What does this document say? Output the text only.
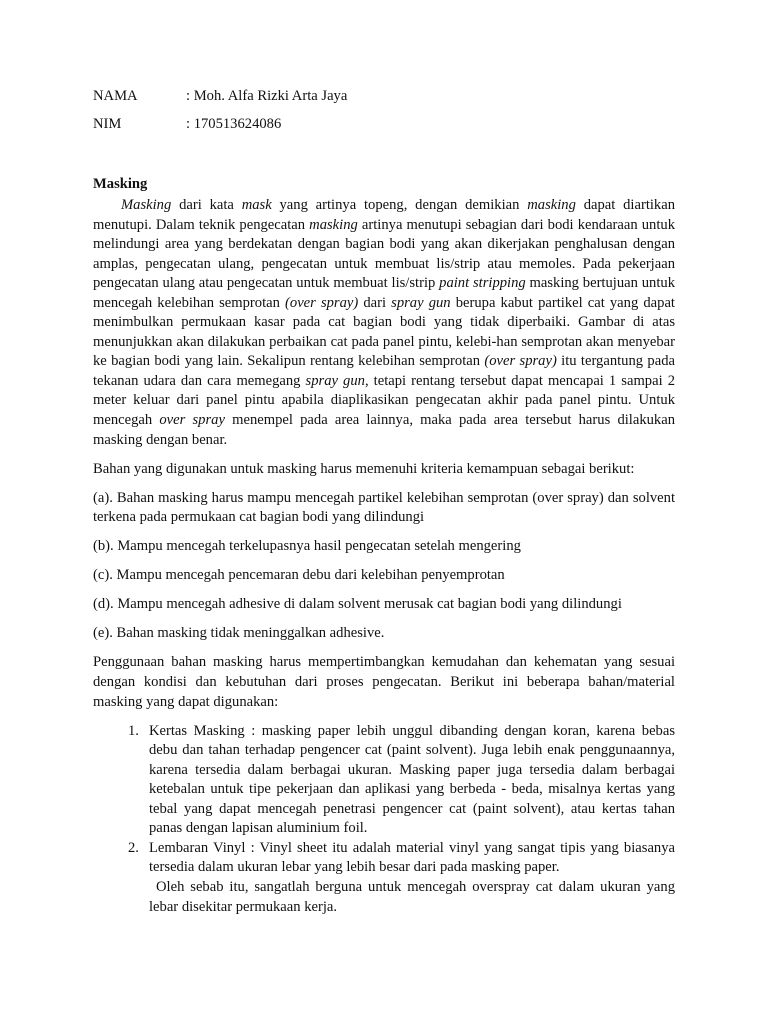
NAMA	: Moh. Alfa Rizki Arta Jaya
NIM	: 170513624086
Masking

Masking dari kata mask yang artinya topeng, dengan demikian masking dapat diartikan menutupi. Dalam teknik pengecatan masking artinya menutupi sebagian dari bodi kendaraan untuk melindungi area yang berdekatan dengan bagian bodi yang akan dikerjakan penghalusan dengan amplas, pengecatan ulang, pengecatan untuk membuat lis/strip atau memoles. Pada pekerjaan pengecatan ulang atau pengecatan untuk membuat lis/strip paint stripping masking bertujuan untuk mencegah kelebihan semprotan (over spray) dari spray gun berupa kabut partikel cat yang dapat menimbulkan permukaan kasar pada cat bagian bodi yang tidak diperbaiki. Gambar di atas menunjukkan akan dilakukan perbaikan cat pada panel pintu, kelebi-han semprotan akan menyebar ke bagian bodi yang lain. Sekalipun rentang kelebihan semprotan (over spray) itu tergantung pada tekanan udara dan cara memegang spray gun, tetapi rentang tersebut dapat mencapai 1 sampai 2 meter keluar dari panel pintu apabila diaplikasikan pengecatan akhir pada panel pintu. Untuk mencegah over spray menempel pada area lainnya, maka pada area tersebut harus dilakukan masking dengan benar.

Bahan yang digunakan untuk masking harus memenuhi kriteria kemampuan sebagai berikut:

(a). Bahan masking harus mampu mencegah partikel kelebihan semprotan (over spray) dan solvent terkena pada permukaan cat bagian bodi yang dilindungi

(b). Mampu mencegah terkelupasnya hasil pengecatan setelah mengering

(c). Mampu mencegah pencemaran debu dari kelebihan penyemprotan

(d). Mampu mencegah adhesive di dalam solvent merusak cat bagian bodi yang dilindungi

(e). Bahan masking tidak meninggalkan adhesive.

Penggunaan bahan masking harus mempertimbangkan kemudahan dan kehematan yang sesuai dengan kondisi dan kebutuhan dari proses pengecatan. Berikut ini beberapa bahan/material masking yang dapat digunakan:

1. Kertas Masking : masking paper lebih unggul dibanding dengan koran, karena bebas debu dan tahan terhadap pengencer cat (paint solvent). Juga lebih enak penggunaannya, karena tersedia dalam berbagai ukuran. Masking paper juga tersedia dalam berbagai ketebalan untuk tipe pekerjaan dan aplikasi yang berbeda - beda, misalnya kertas yang tebal yang dapat mencegah penetrasi pengencer cat (paint solvent), atau kertas tahan panas dengan lapisan aluminium foil.
2. Lembaran Vinyl : Vinyl sheet itu adalah material vinyl yang sangat tipis yang biasanya tersedia dalam ukuran lebar yang lebih besar dari pada masking paper.
Oleh sebab itu, sangatlah berguna untuk mencegah overspray cat dalam ukuran yang lebar disekitar permukaan kerja.
